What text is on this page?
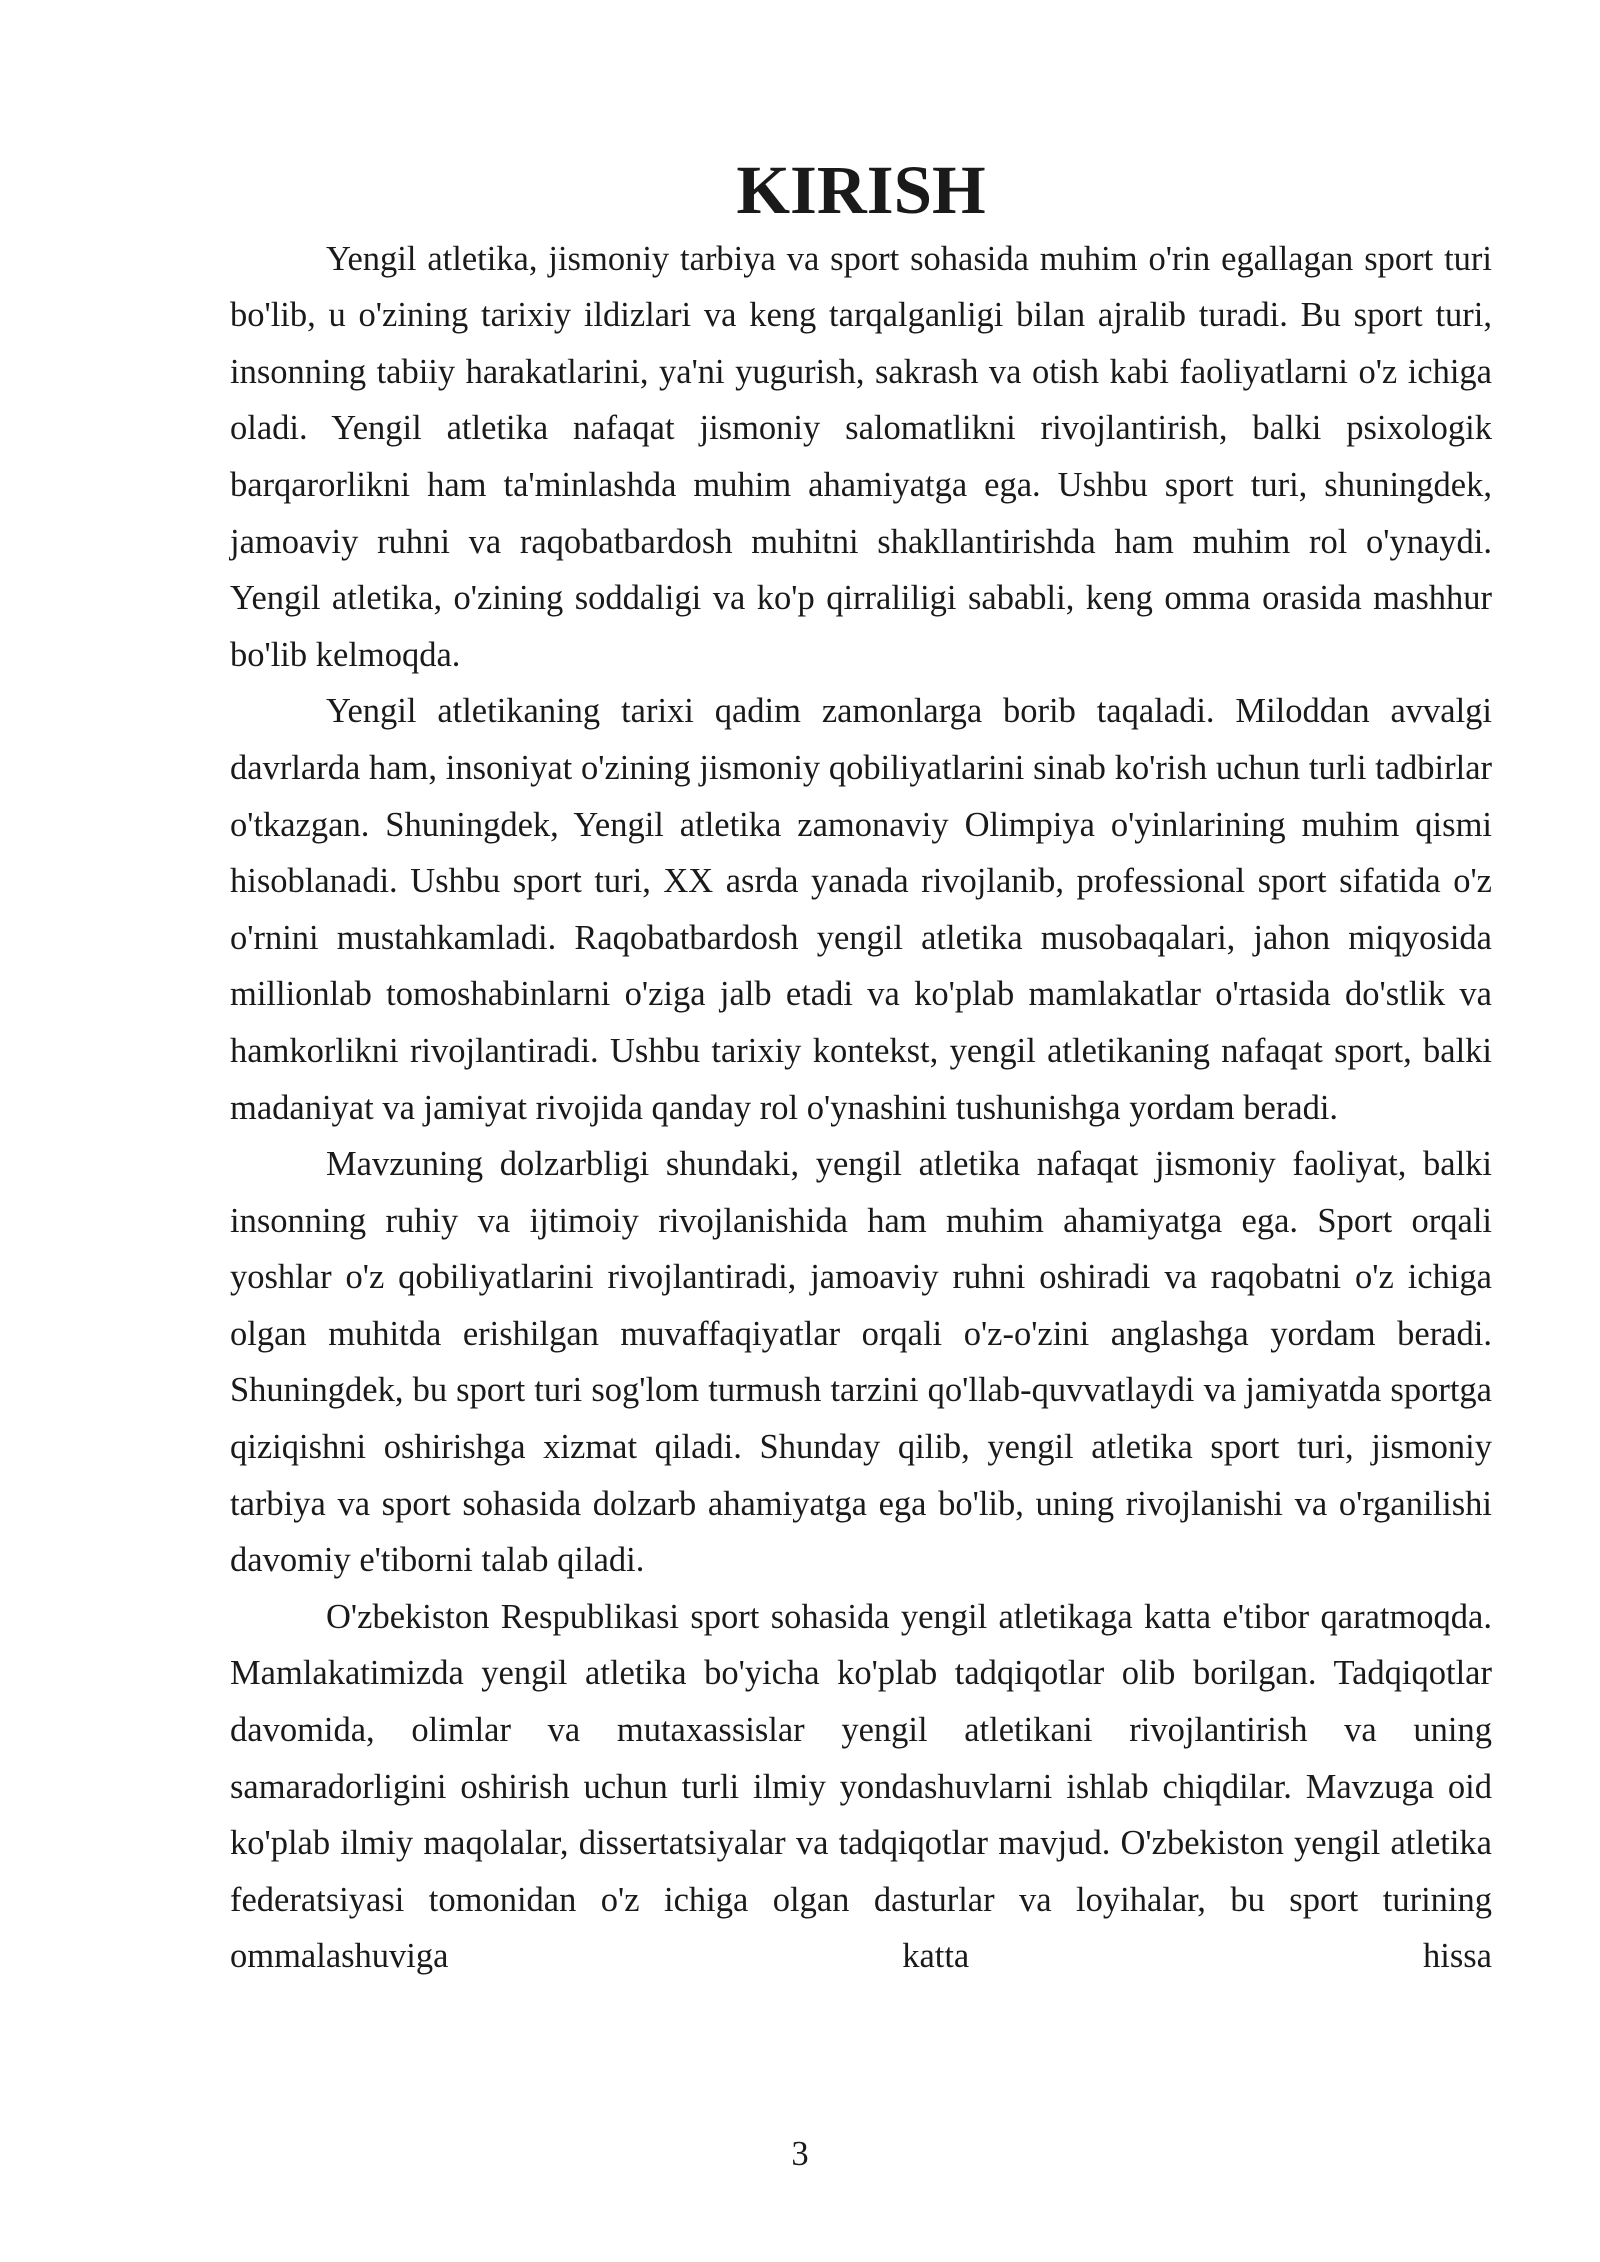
KIRISH

Yengil atletika, jismoniy tarbiya va sport sohasida muhim o'rin egallagan sport turi bo'lib, u o'zining tarixiy ildizlari va keng tarqalganligi bilan ajralib turadi. Bu sport turi, insonning tabiiy harakatlarini, ya'ni yugurish, sakrash va otish kabi faoliyatlarni o'z ichiga oladi. Yengil atletika nafaqat jismoniy salomatlikni rivojlantirish, balki psixologik barqarorlikni ham ta'minlashda muhim ahamiyatga ega. Ushbu sport turi, shuningdek, jamoaviy ruhni va raqobatbardosh muhitni shakllantirishda ham muhim rol o'ynaydi. Yengil atletika, o'zining soddaligi va ko'p qirraliligi sababli, keng omma orasida mashhur bo'lib kelmoqda.

Yengil atletikaning tarixi qadim zamonlarga borib taqaladi. Miloddan avvalgi davrlarda ham, insoniyat o'zining jismoniy qobiliyatlarini sinab ko'rish uchun turli tadbirlar o'tkazgan. Shuningdek, Yengil atletika zamonaviy Olimpiya o'yinlarining muhim qismi hisoblanadi. Ushbu sport turi, XX asrda yanada rivojlanib, professional sport sifatida o'z o'rnini mustahkamladi. Raqobatbardosh yengil atletika musobaqalari, jahon miqyosida millionlab tomoshabinlarni o'ziga jalb etadi va ko'plab mamlakatlar o'rtasida do'stlik va hamkorlikni rivojlantiradi. Ushbu tarixiy kontekst, yengil atletikaning nafaqat sport, balki madaniyat va jamiyat rivojida qanday rol o'ynashini tushunishga yordam beradi.

Mavzuning dolzarbligi shundaki, yengil atletika nafaqat jismoniy faoliyat, balki insonning ruhiy va ijtimoiy rivojlanishida ham muhim ahamiyatga ega. Sport orqali yoshlar o'z qobiliyatlarini rivojlantiradi, jamoaviy ruhni oshiradi va raqobatni o'z ichiga olgan muhitda erishilgan muvaffaqiyatlar orqali o'z-o'zini anglashga yordam beradi. Shuningdek, bu sport turi sog'lom turmush tarzini qo'llab-quvvatlaydi va jamiyatda sportga qiziqishni oshirishga xizmat qiladi. Shunday qilib, yengil atletika sport turi, jismoniy tarbiya va sport sohasida dolzarb ahamiyatga ega bo'lib, uning rivojlanishi va o'rganilishi davomiy e'tiborni talab qiladi.

O'zbekiston Respublikasi sport sohasida yengil atletikaga katta e'tibor qaratmoqda. Mamlakatimizda yengil atletika bo'yicha ko'plab tadqiqotlar olib borilgan. Tadqiqotlar davomida, olimlar va mutaxassislar yengil atletikani rivojlantirish va uning samaradorligini oshirish uchun turli ilmiy yondashuvlarni ishlab chiqdilar. Mavzuga oid ko'plab ilmiy maqolalar, dissertatsiyalar va tadqiqotlar mavjud. O'zbekiston yengil atletika federatsiyasi tomonidan o'z ichiga olgan dasturlar va loyihalar, bu sport turining ommalashuviga katta hissa

3
